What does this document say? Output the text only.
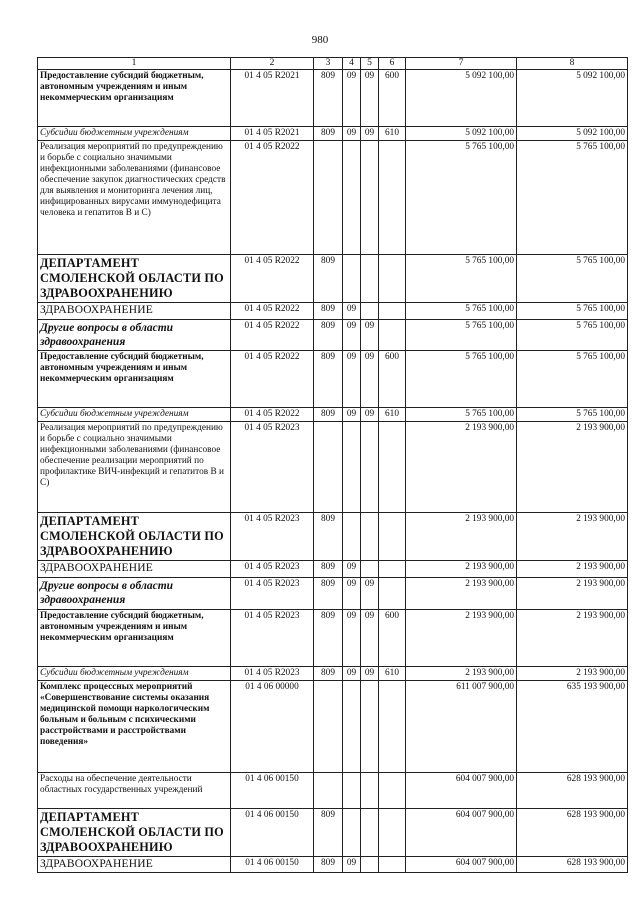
980
1	2	3	4	5	6	7	8
Предоставление субсидий бюджетным, автономным учреждениям и иным некоммерческим организациям	01 4 05 R2021	809	09	09	600	5 092 100,00	5 092 100,00
Субсидии бюджетным учреждениям	01 4 05 R2021	809	09	09	610	5 092 100,00	5 092 100,00
Реализация мероприятий по предупреждению и борьбе с социально значимыми инфекционными заболеваниями (финансовое обеспечение закупок диагностических средств для выявления и мониторинга лечения лиц, инфицированных вирусами иммунодефицита человека и гепатитов В и С)	01 4 05 R2022					5 765 100,00	5 765 100,00
ДЕПАРТАМЕНТ СМОЛЕНСКОЙ ОБЛАСТИ ПО ЗДРАВООХРАНЕНИЮ	01 4 05 R2022	809				5 765 100,00	5 765 100,00
ЗДРАВООХРАНЕНИЕ	01 4 05 R2022	809	09			5 765 100,00	5 765 100,00
Другие вопросы в области здравоохранения	01 4 05 R2022	809	09	09		5 765 100,00	5 765 100,00
Предоставление субсидий бюджетным, автономным учреждениям и иным некоммерческим организациям	01 4 05 R2022	809	09	09	600	5 765 100,00	5 765 100,00
Субсидии бюджетным учреждениям	01 4 05 R2022	809	09	09	610	5 765 100,00	5 765 100,00
Реализация мероприятий по предупреждению и борьбе с социально значимыми инфекционными заболеваниями (финансовое обеспечение реализации мероприятий по профилактике ВИЧ-инфекций и гепатитов В и С)	01 4 05 R2023					2 193 900,00	2 193 900,00
ДЕПАРТАМЕНТ СМОЛЕНСКОЙ ОБЛАСТИ ПО ЗДРАВООХРАНЕНИЮ	01 4 05 R2023	809				2 193 900,00	2 193 900,00
ЗДРАВООХРАНЕНИЕ	01 4 05 R2023	809	09			2 193 900,00	2 193 900,00
Другие вопросы в области здравоохранения	01 4 05 R2023	809	09	09		2 193 900,00	2 193 900,00
Предоставление субсидий бюджетным, автономным учреждениям и иным некоммерческим организациям	01 4 05 R2023	809	09	09	600	2 193 900,00	2 193 900,00
Субсидии бюджетным учреждениям	01 4 05 R2023	809	09	09	610	2 193 900,00	2 193 900,00
Комплекс процессных мероприятий «Совершенствование системы оказания медицинской помощи наркологическим больным и больным с психическими расстройствами и расстройствами поведения»	01 4 06 00000					611 007 900,00	635 193 900,00
Расходы на обеспечение деятельности областных государственных учреждений	01 4 06 00150					604 007 900,00	628 193 900,00
ДЕПАРТАМЕНТ СМОЛЕНСКОЙ ОБЛАСТИ ПО ЗДРАВООХРАНЕНИЮ	01 4 06 00150	809				604 007 900,00	628 193 900,00
ЗДРАВООХРАНЕНИЕ	01 4 06 00150	809	09			604 007 900,00	628 193 900,00
